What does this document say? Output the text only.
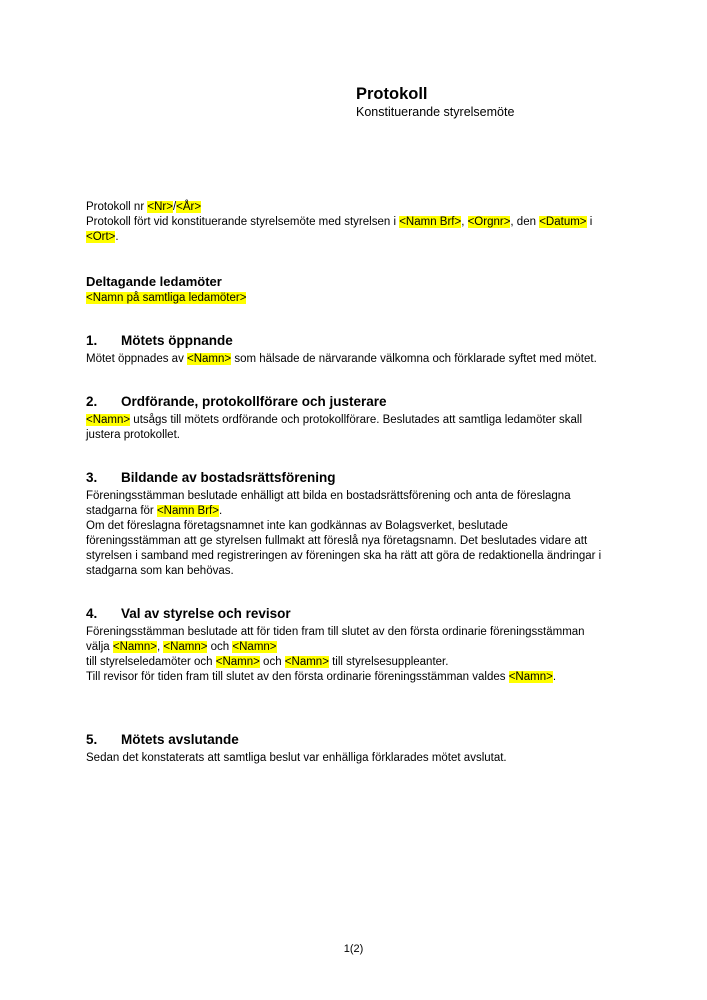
Protokoll
Konstituerande styrelsemöte

Protokoll nr <Nr>/<År>

Protokoll fört vid konstituerande styrelsemöte med styrelsen i <Namn Brf>, <Orgnr>, den <Datum> i
<Ort>.

Deltagande ledamöter

<Namn på samtliga ledamöter>

1. Mötets öppnande

Mötet öppnades av <Namn> som hälsade de närvarande välkomna och förklarade syftet med mötet.

2. Ordförande, protokollförare och justerare

<Namn> utsågs till mötets ordförande och protokollförare. Beslutades att samtliga ledamöter skall
justera protokollet.

3. Bildande av bostadsrättsförening

Föreningsstämman beslutade enhälligt att bilda en bostadsrättsförening och anta de föreslagna
stadgarna för <Namn Brf>.

Om det föreslagna företagsnamnet inte kan godkännas av Bolagsverket, beslutade
föreningsstämman att ge styrelsen fullmakt att föreslå nya företagsnamn. Det beslutades vidare att
styrelsen i samband med registreringen av föreningen ska ha rätt att göra de redaktionella ändringar i
stadgarna som kan behövas.

4. Val av styrelse och revisor

Föreningsstämman beslutade att för tiden fram till slutet av den första ordinarie föreningsstämman
välja <Namn>, <Namn> och <Namn>
till styrelseledamöter och <Namn> och <Namn> till styrelsesuppleanter.

Till revisor för tiden fram till slutet av den första ordinarie föreningsstämman valdes <Namn>.

5. Mötets avslutande

Sedan det konstaterats att samtliga beslut var enhälliga förklarades mötet avslutat.

1(2)
